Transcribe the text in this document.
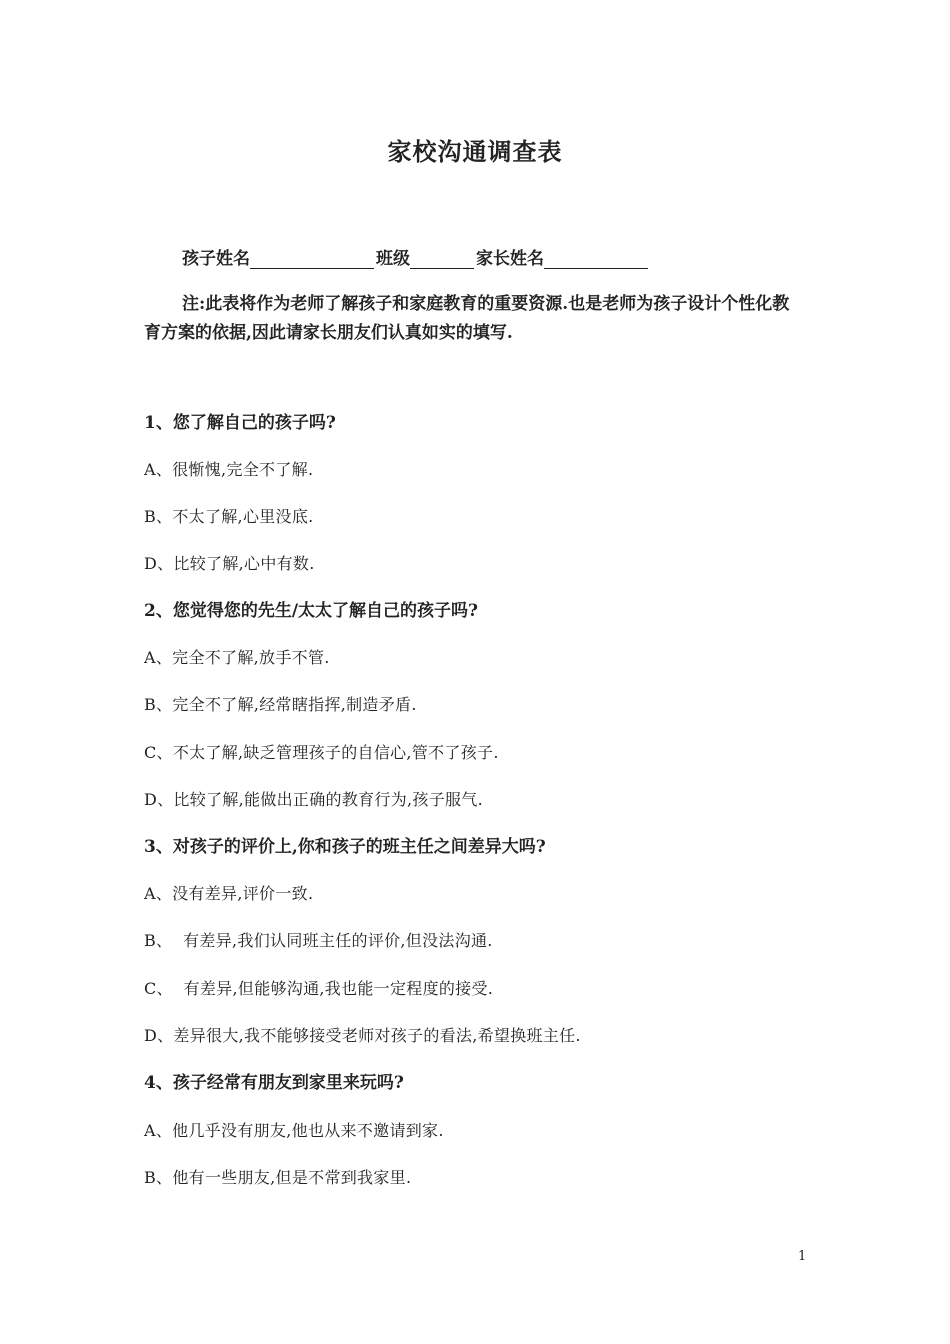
家校沟通调查表
孩子姓名	班级	家长姓名
注:此表将作为老师了解孩子和家庭教育的重要资源.也是老师为孩子设计个性化教育方案的依据,因此请家长朋友们认真如实的填写.
1、您了解自己的孩子吗?
A、很惭愧,完全不了解.
B、不太了解,心里没底.
D、比较了解,心中有数.
2、您觉得您的先生/太太了解自己的孩子吗?
A、完全不了解,放手不管.
B、完全不了解,经常瞎指挥,制造矛盾.
C、不太了解,缺乏管理孩子的自信心,管不了孩子.
D、比较了解,能做出正确的教育行为,孩子服气.
3、对孩子的评价上,你和孩子的班主任之间差异大吗?
A、没有差异,评价一致.
B、  有差异,我们认同班主任的评价,但没法沟通.
C、  有差异,但能够沟通,我也能一定程度的接受.
D、差异很大,我不能够接受老师对孩子的看法,希望换班主任.
4、孩子经常有朋友到家里来玩吗?
A、他几乎没有朋友,他也从来不邀请到家.
B、他有一些朋友,但是不常到我家里.
1
